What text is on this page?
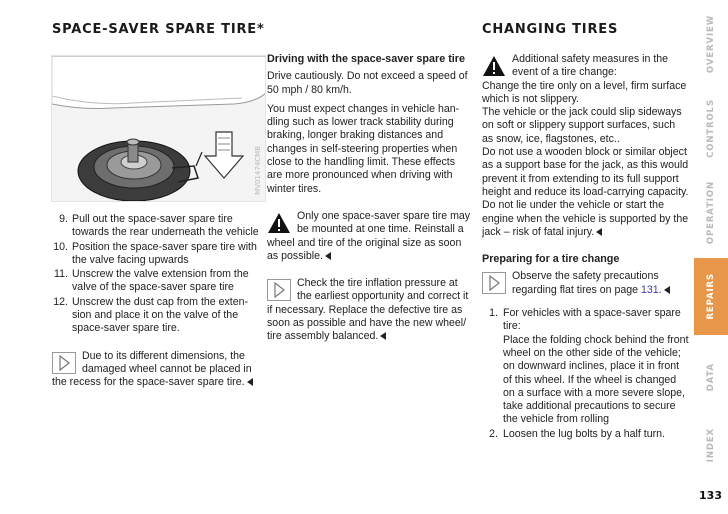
SPACE-SAVER SPARE TIRE*
MV01474CMB
9. Pull out the space-saver spare tire towards the rear underneath the vehicle
10. Position the space-saver spare tire with the valve facing upwards
11. Unscrew the valve extension from the valve of the space-saver spare tire
12. Unscrew the dust cap from the extension and place it on the valve of the space-saver spare tire.
Due to its different dimensions, the damaged wheel cannot be placed in the recess for the space-saver spare tire.
Driving with the space-saver spare tire

Drive cautiously. Do not exceed a speed of 50 mph / 80 km/h.

You must expect changes in vehicle handling such as lower track stability during braking, longer braking distances and changes in self-steering properties when close to the handling limit. These effects are more pronounced when driving with winter tires.

Only one space-saver spare tire may be mounted at one time. Reinstall a wheel and tire of the original size as soon as possible.
Check the tire inflation pressure at the earliest opportunity and correct it if necessary. Replace the defective tire as soon as possible and have the new wheel/ tire assembly balanced.
CHANGING TIRES
Additional safety measures in the event of a tire change:
Change the tire only on a level, firm surface which is not slippery.
The vehicle or the jack could slip sideways on soft or slippery support surfaces, such as snow, ice, flagstones, etc..
Do not use a wooden block or similar object as a support base for the jack, as this would prevent it from extending to its full support height and reduce its load-carrying capacity.
Do not lie under the vehicle or start the engine when the vehicle is supported by the jack – risk of fatal injury.
Preparing for a tire change
Observe the safety precautions regarding flat tires on page 131.
1. For vehicles with a space-saver spare tire:
Place the folding chock behind the front wheel on the other side of the vehicle; on downward inclines, place it in front of this wheel. If the wheel is changed on a surface with a more severe slope, take additional precautions to secure the vehicle from rolling
2. Loosen the lug bolts by a half turn.
OVERVIEW
CONTROLS
OPERATION
REPAIRS
DATA
INDEX
133
